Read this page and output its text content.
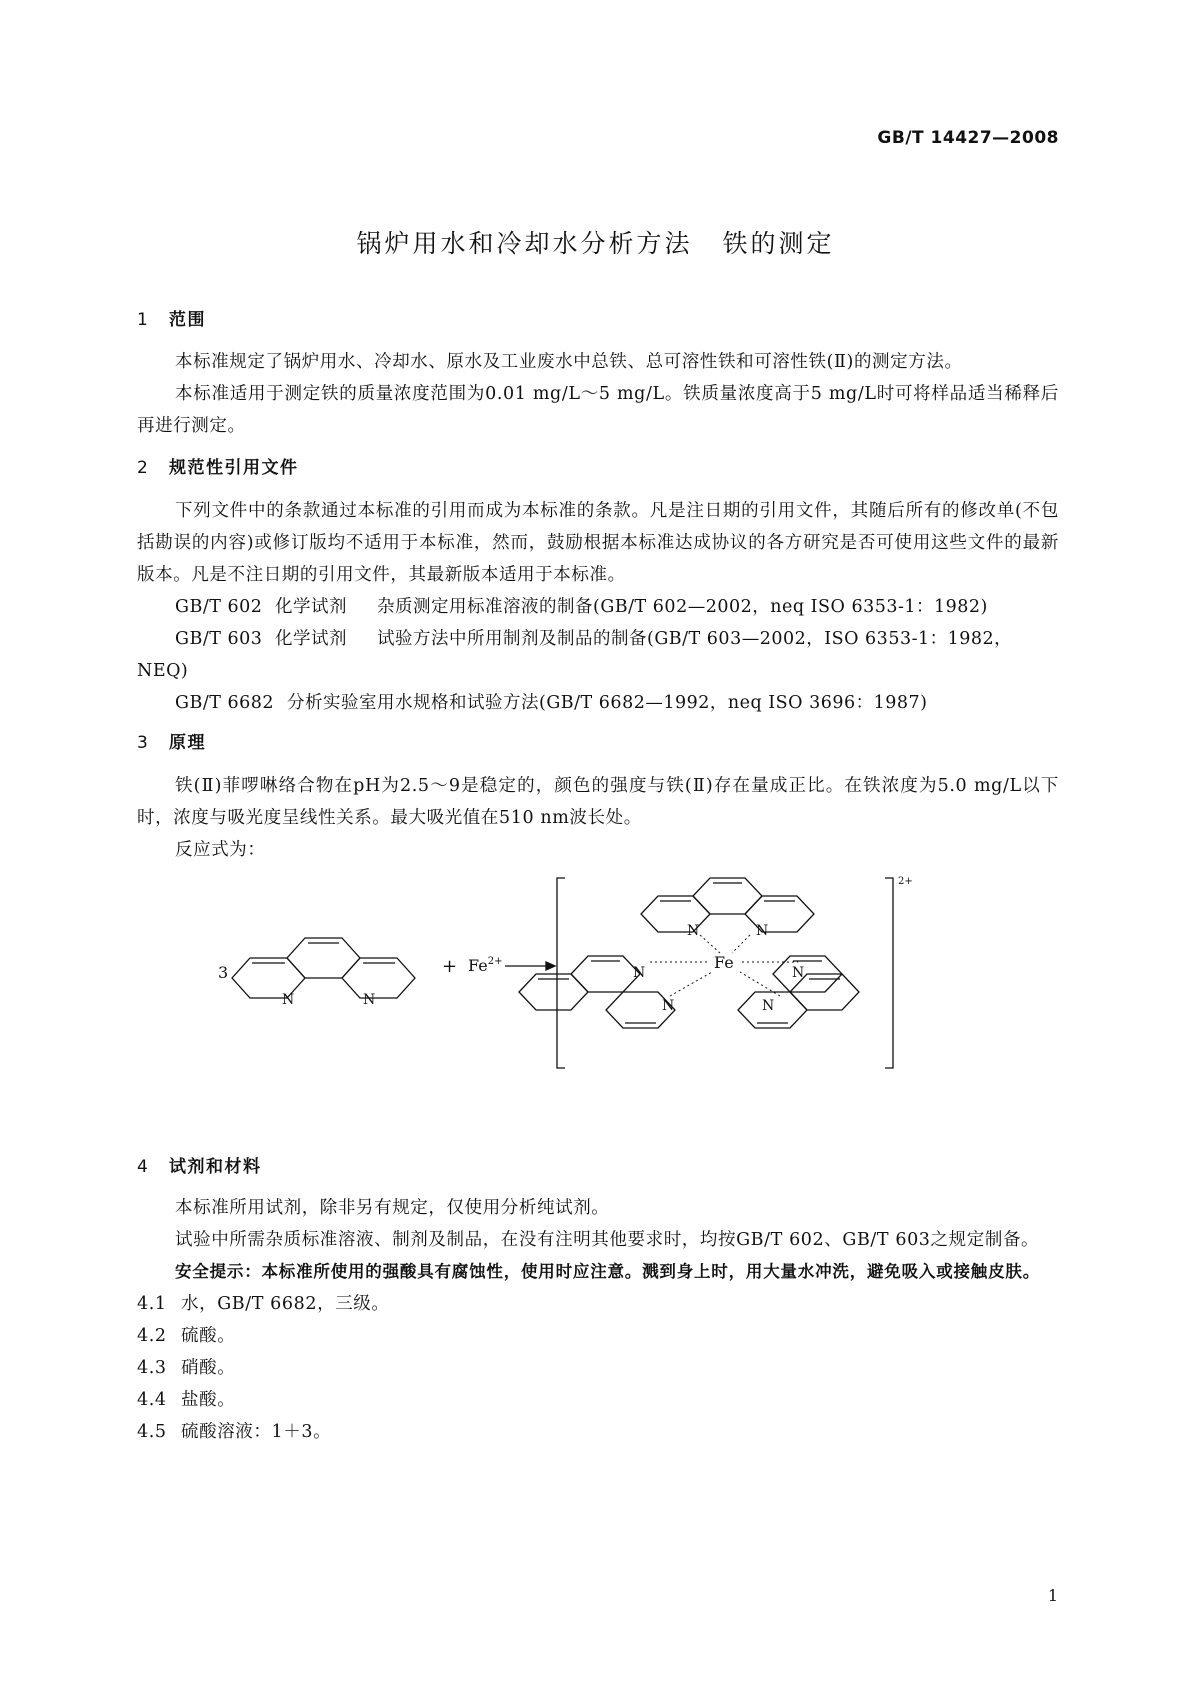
GB/T 14427—2008
锅炉用水和冷却水分析方法 铁的测定
1 范围

本标准规定了锅炉用水、冷却水、原水及工业废水中总铁、总可溶性铁和可溶性铁(Ⅱ)的测定方法。

本标准适用于测定铁的质量浓度范围为0.01 mg/L～5 mg/L。铁质量浓度高于5 mg/L时可将样品适当稀释后再进行测定。

2 规范性引用文件

下列文件中的条款通过本标准的引用而成为本标准的条款。凡是注日期的引用文件，其随后所有的修改单(不包括勘误的内容)或修订版均不适用于本标准，然而，鼓励根据本标准达成协议的各方研究是否可使用这些文件的最新版本。凡是不注日期的引用文件，其最新版本适用于本标准。

GB/T 602 化学试剂 杂质测定用标准溶液的制备(GB/T 602—2002，neq ISO 6353-1：1982)

GB/T 603 化学试剂 试验方法中所用制剂及制品的制备(GB/T 603—2002，ISO 6353-1：1982，NEQ)

GB/T 6682 分析实验室用水规格和试验方法(GB/T 6682—1992，neq ISO 3696：1987)

3 原理

铁(Ⅱ)菲啰啉络合物在pH为2.5～9是稳定的，颜色的强度与铁(Ⅱ)存在量成正比。在铁浓度为5.0 mg/L以下时，浓度与吸光度呈线性关系。最大吸光值在510 nm波长处。

反应式为：

3
N	N
+ $Fe^{2+}$	Fe
2+
N	N
N
N
N
N
4 试剂和材料

本标准所用试剂，除非另有规定，仅使用分析纯试剂。

试验中所需杂质标准溶液、制剂及制品，在没有注明其他要求时，均按GB/T 602、GB/T 603之规定制备。

安全提示：本标准所使用的强酸具有腐蚀性，使用时应注意。溅到身上时，用大量水冲洗，避免吸入或接触皮肤。

4.1 水，GB/T 6682，三级。

4.2 硫酸。

4.3 硝酸。

4.4 盐酸。

4.5 硫酸溶液：1＋3。

1
